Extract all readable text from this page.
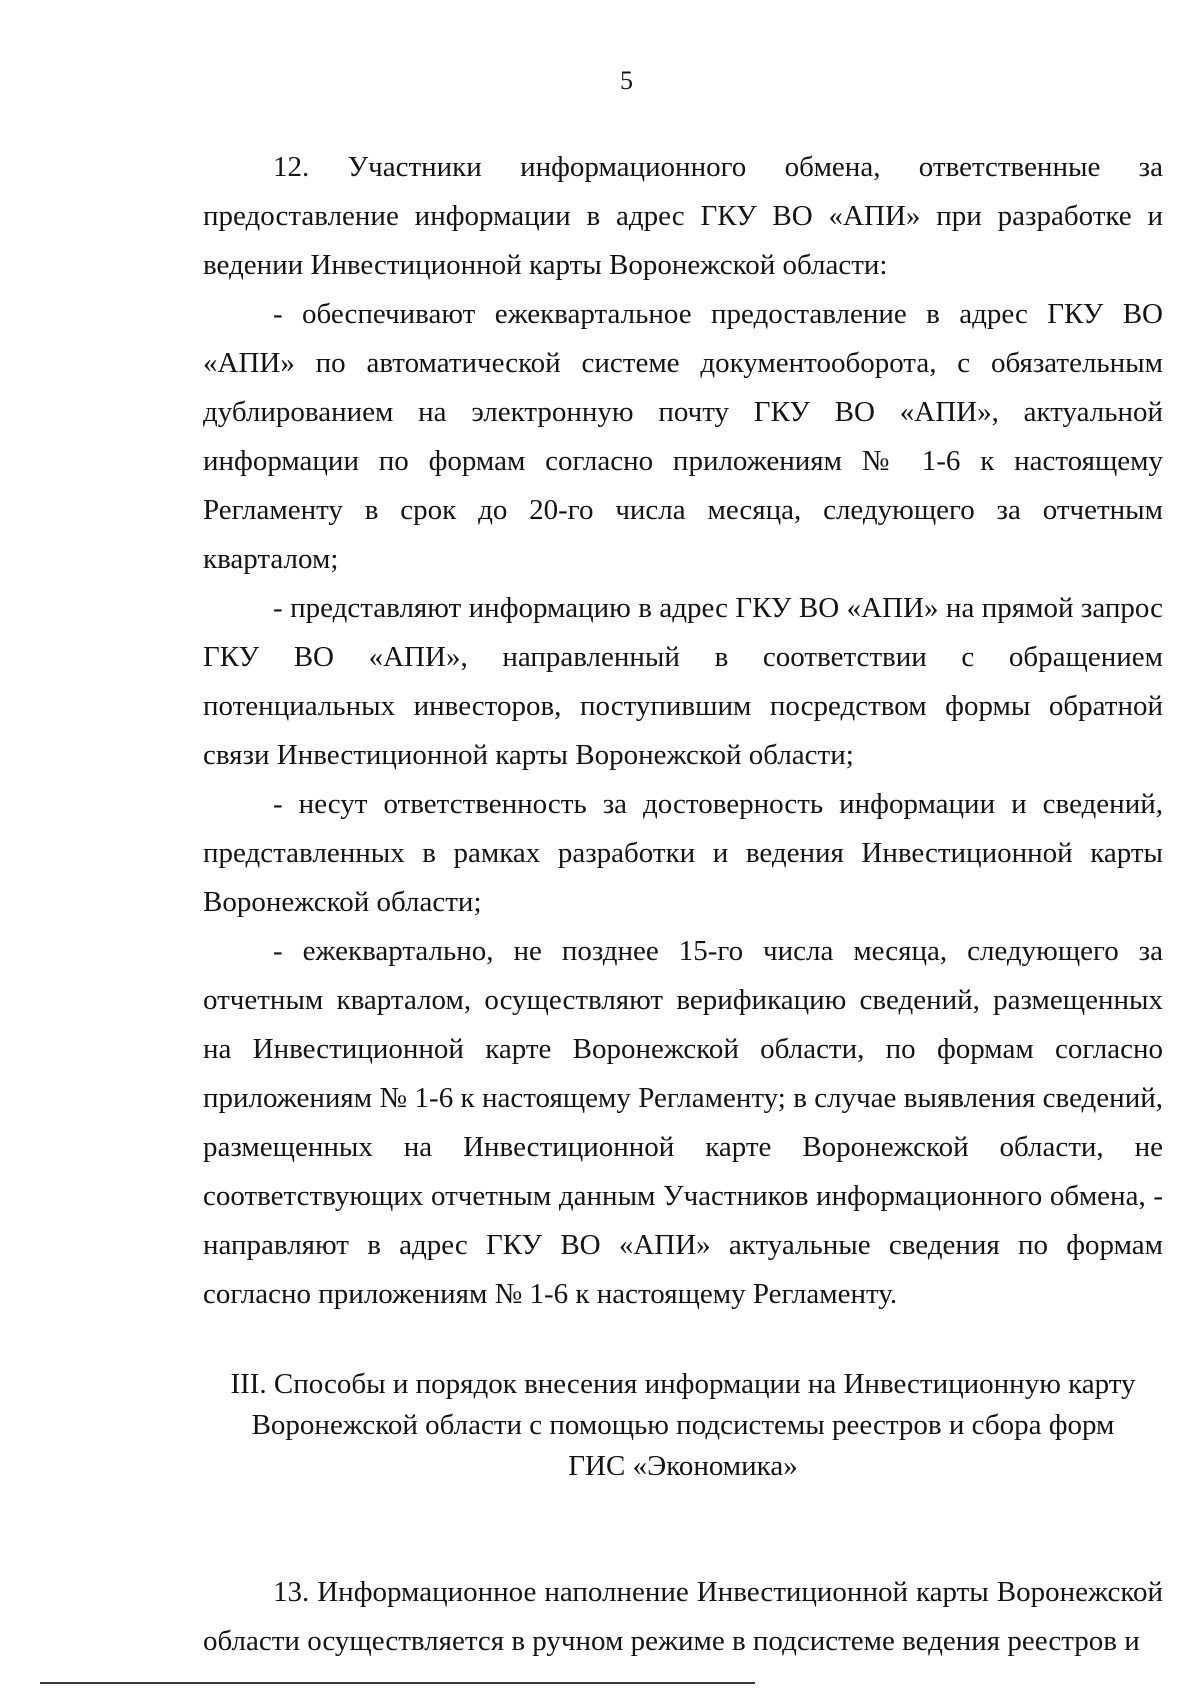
5

12. Участники информационного обмена, ответственные за предоставление информации в адрес ГКУ ВО «АПИ» при разработке и ведении Инвестиционной карты Воронежской области:

- обеспечивают ежеквартальное предоставление в адрес ГКУ ВО «АПИ» по автоматической системе документооборота, с обязательным дублированием на электронную почту ГКУ ВО «АПИ», актуальной информации по формам согласно приложениям № 1-6 к настоящему Регламенту в срок до 20-го числа месяца, следующего за отчетным кварталом;

- представляют информацию в адрес ГКУ ВО «АПИ» на прямой запрос ГКУ ВО «АПИ», направленный в соответствии с обращением потенциальных инвесторов, поступившим посредством формы обратной связи Инвестиционной карты Воронежской области;

- несут ответственность за достоверность информации и сведений, представленных в рамках разработки и ведения Инвестиционной карты Воронежской области;

- ежеквартально, не позднее 15-го числа месяца, следующего за отчетным кварталом, осуществляют верификацию сведений, размещенных на Инвестиционной карте Воронежской области, по формам согласно приложениям № 1-6 к настоящему Регламенту; в случае выявления сведений, размещенных на Инвестиционной карте Воронежской области, не соответствующих отчетным данным Участников информационного обмена, - направляют в адрес ГКУ ВО «АПИ» актуальные сведения по формам согласно приложениям № 1-6 к настоящему Регламенту.

III. Способы и порядок внесения информации на Инвестиционную карту
Воронежской области с помощью подсистемы реестров и сбора форм
ГИС «Экономика»

13. Информационное наполнение Инвестиционной карты Воронежской области осуществляется в ручном режиме в подсистеме ведения реестров и
